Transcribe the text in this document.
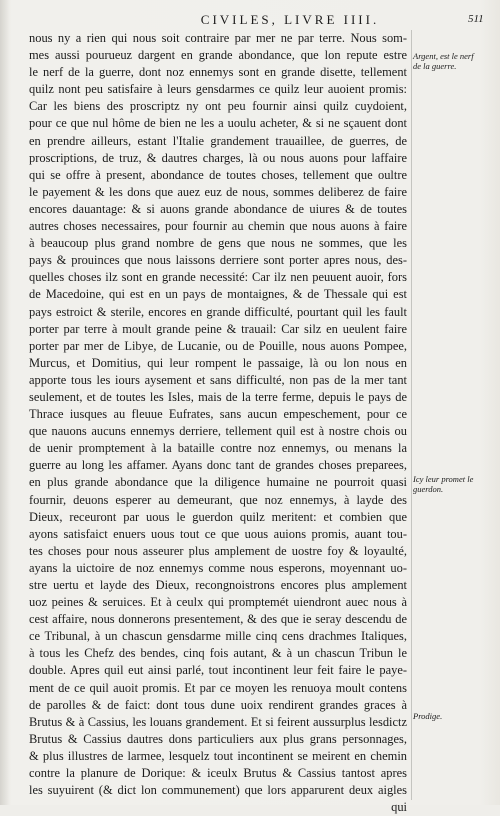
CIVILES, LIVRE IIII.	511
nous ny a rien qui nous soit contraire par mer ne par terre. Nous som-
mes aussi pourueuz dargent en grande abondance, que lon repute estre
le nerf de la guerre, dont noz ennemys sont en grande disette, tellement
quilz nont peu satisfaire à leurs gensdarmes ce quilz leur auoient promis:
Car les biens des proscriptz ny ont peu fournir ainsi quilz cuydoient,
pour ce que nul hôme de bien ne les a uoulu acheter, & si ne sçauent dont
en prendre ailleurs, estant l'Italie grandement trauaillee, de guerres, de
proscriptions, de truz, & dautres charges, là ou nous auons pour laffaire
qui se offre à present, abondance de toutes choses, tellement que oultre
le payement & les dons que auez euz de nous, sommes deliberez de faire
encores dauantage: & si auons grande abondance de uiures & de toutes
autres choses necessaires, pour fournir au chemin que nous auons à faire
à beaucoup plus grand nombre de gens que nous ne sommes, que les
pays & prouinces que nous laissons derriere sont porter apres nous, des-
quelles choses ilz sont en grande necessité: Car ilz nen peuuent auoir, fors
de Macedoine, qui est en un pays de montaignes, & de Thessale qui est
pays estroict & sterile, encores en grande difficulté, pourtant quil les fault
porter par terre à moult grande peine & trauail: Car silz en ueulent faire
porter par mer de Libye, de Lucanie, ou de Pouille, nous auons Pompee,
Murcus, et Domitius, qui leur rompent le passaige, là ou lon nous en
apporte tous les iours aysement et sans difficulté, non pas de la mer tant
seulement, et de toutes les Isles, mais de la terre ferme, depuis le pays de
Thrace iusques au fleuue Eufrates, sans aucun empeschement, pour ce
que nauons aucuns ennemys derriere, tellement quil est à nostre chois ou
de uenir promptement à la bataille contre noz ennemys, ou menans la
guerre au long les affamer. Ayans donc tant de grandes choses preparees,
en plus grande abondance que la diligence humaine ne pourroit quasi
fournir, deuons esperer au demeurant, que noz ennemys, à layde des
Dieux, receuront par uous le guerdon quilz meritent: et combien que
ayons satisfaict enuers uous tout ce que uous auions promis, auant tou-
tes choses pour nous asseurer plus amplement de uostre foy & loyaulté,
ayans la uictoire de noz ennemys comme nous esperons, moyennant uo-
stre uertu et layde des Dieux, recongnoistrons encores plus amplement
uoz peines & seruices. Et à ceulx qui promptemét uiendront auec nous à
cest affaire, nous donnerons presentement, & des que ie seray descendu de
ce Tribunal, à un chascun gensdarme mille cinq cens drachmes Italiques,
à tous les Chefz des bendes, cinq fois autant, & à un chascun Tribun le
double. Apres quil eut ainsi parlé, tout incontinent leur feit faire le paye-
ment de ce quil auoit promis. Et par ce moyen les renuoya moult contens
de parolles & de faict: dont tous dune uoix rendirent grandes graces à
Brutus & à Cassius, les louans grandement. Et si feirent aussurplus lesdictz
Brutus & Cassius dautres dons particuliers aux plus grans personnages,
& plus illustres de larmee, lesquelz tout incontinent se meirent en chemin
contre la planure de Dorique: & iceulx Brutus & Cassius tantost apres
les suyuirent (& dict lon communement) que lors apparurent deux aigles
qui
Argent, est le nerf
de la guerre.
Icy leur promet le
guerdon.
Prodige.
